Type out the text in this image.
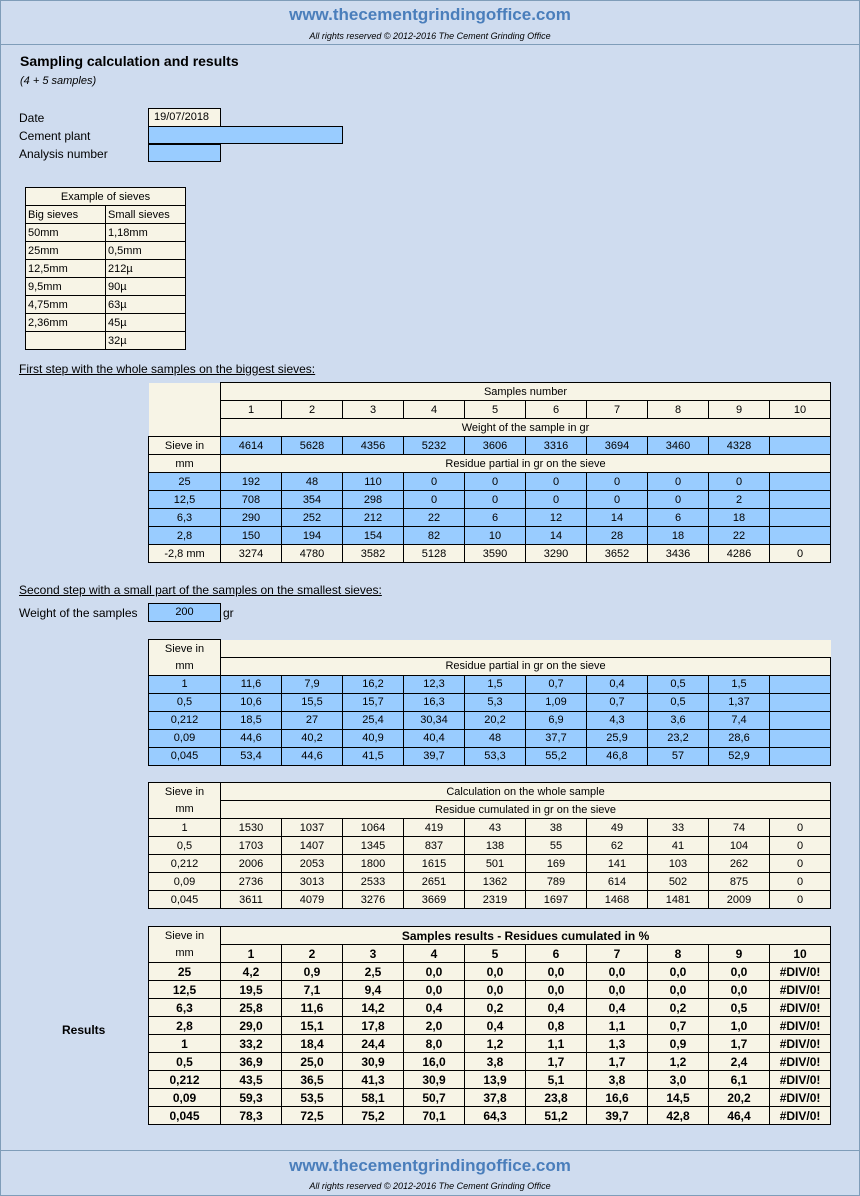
www.thecementgrindingoffice.com
All rights reserved © 2012-2016 The Cement Grinding Office
Sampling calculation and results
(4 + 5 samples)
Date	19/07/2018
Cement plant
Analysis number
Example of sieves	
Big sieves	Small sieves
50mm	1,18mm
25mm	0,5mm
12,5mm	212µ
9,5mm	90µ
4,75mm	63µ
2,36mm	45µ
	32µ
First step with the whole samples on the biggest sieves:
	Samples number									
	1	2	3	4	5	6	7	8	9	10
	Weight of the sample in gr									
Sieve in	4614	5628	4356	5232	3606	3316	3694	3460	4328	
mm	Residue partial in gr on the sieve									
25	192	48	110	0	0	0	0	0	0	
12,5	708	354	298	0	0	0	0	0	2	
6,3	290	252	212	22	6	12	14	6	18	
2,8	150	194	154	82	10	14	28	18	22	
-2,8 mm	3274	4780	3582	5128	3590	3290	3652	3436	4286	0
Second step with a small part of the samples on the smallest sieves:
Weight of the samples	200	gr
Sieve in										
mm	Residue partial in gr on the sieve									
1	11,6	7,9	16,2	12,3	1,5	0,7	0,4	0,5	1,5	
0,5	10,6	15,5	15,7	16,3	5,3	1,09	0,7	0,5	1,37	
0,212	18,5	27	25,4	30,34	20,2	6,9	4,3	3,6	7,4	
0,09	44,6	40,2	40,9	40,4	48	37,7	25,9	23,2	28,6	
0,045	53,4	44,6	41,5	39,7	53,3	55,2	46,8	57	52,9	
Sieve in	Calculation on the whole sample									
mm	Residue cumulated in gr on the sieve									
1	1530	1037	1064	419	43	38	49	33	74	0
0,5	1703	1407	1345	837	138	55	62	41	104	0
0,212	2006	2053	1800	1615	501	169	141	103	262	0
0,09	2736	3013	2533	2651	1362	789	614	502	875	0
0,045	3611	4079	3276	3669	2319	1697	1468	1481	2009	0
Results
Sieve in	Samples results - Residues cumulated in %									
mm	1	2	3	4	5	6	7	8	9	10
25	4,2	0,9	2,5	0,0	0,0	0,0	0,0	0,0	0,0	#DIV/0!
12,5	19,5	7,1	9,4	0,0	0,0	0,0	0,0	0,0	0,0	#DIV/0!
6,3	25,8	11,6	14,2	0,4	0,2	0,4	0,4	0,2	0,5	#DIV/0!
2,8	29,0	15,1	17,8	2,0	0,4	0,8	1,1	0,7	1,0	#DIV/0!
1	33,2	18,4	24,4	8,0	1,2	1,1	1,3	0,9	1,7	#DIV/0!
0,5	36,9	25,0	30,9	16,0	3,8	1,7	1,7	1,2	2,4	#DIV/0!
0,212	43,5	36,5	41,3	30,9	13,9	5,1	3,8	3,0	6,1	#DIV/0!
0,09	59,3	53,5	58,1	50,7	37,8	23,8	16,6	14,5	20,2	#DIV/0!
0,045	78,3	72,5	75,2	70,1	64,3	51,2	39,7	42,8	46,4	#DIV/0!
www.thecementgrindingoffice.com
All rights reserved © 2012-2016 The Cement Grinding Office
